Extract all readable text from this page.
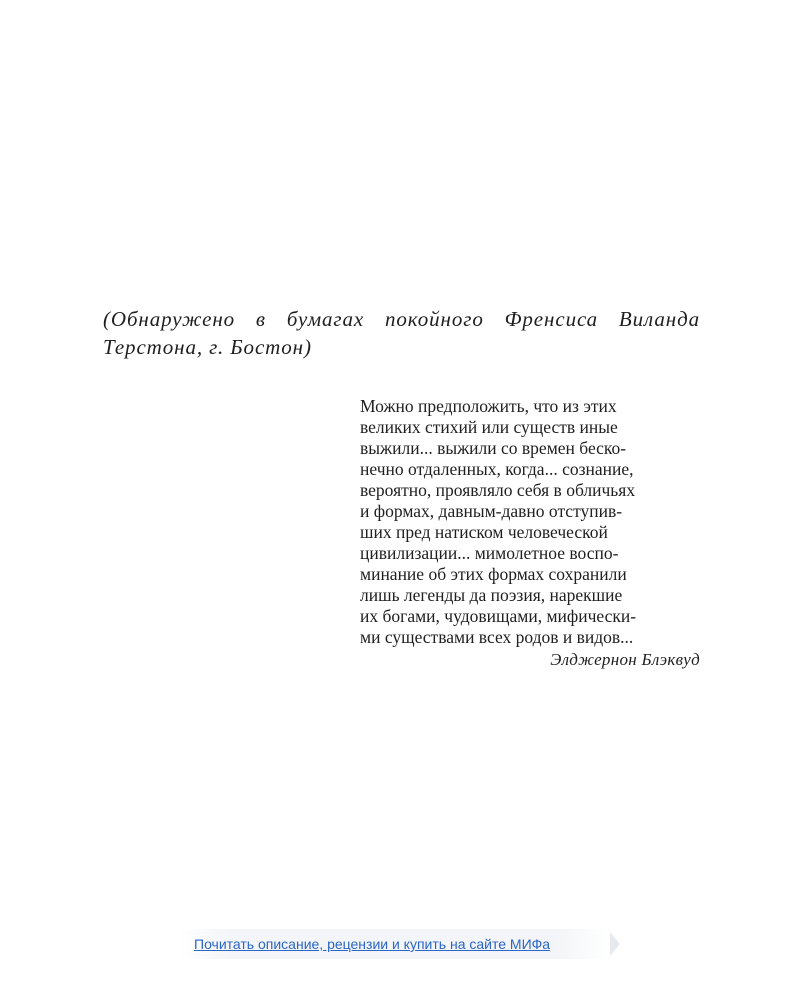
(Обнаружено в бумагах покойного Френсиса Виланда Терстона, г. Бостон)

Можно предположить, что из этих
великих стихий или существ иные
выжили... выжили со времен беско-
нечно отдаленных, когда... сознание,
вероятно, проявляло себя в обличьях
и формах, давным-давно отступив-
ших пред натиском человеческой
цивилизации... мимолетное воспо-
минание об этих формах сохранили
лишь легенды да поэзия, нарекшие
их богами, чудовищами, мифически-
ми существами всех родов и видов...
Элджернон Блэквуд
Почитать описание, рецензии и купить на сайте МИФа
